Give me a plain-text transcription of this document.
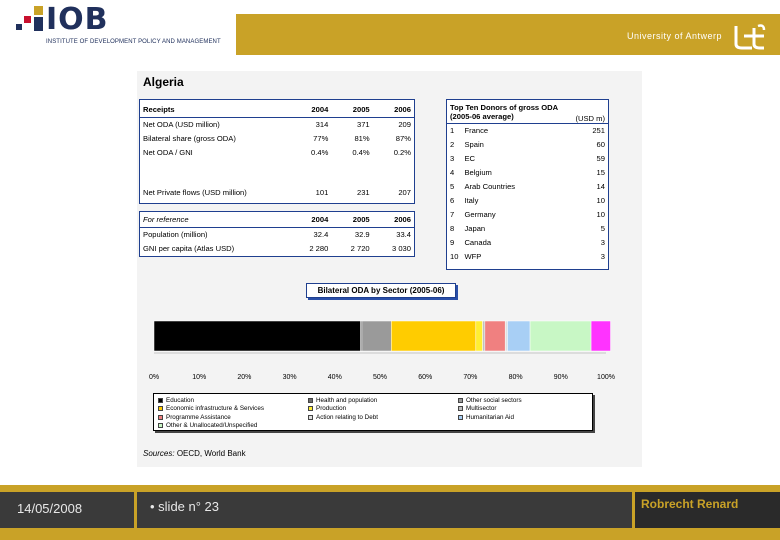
IOB
INSTITUTE OF DEVELOPMENT POLICY AND MANAGEMENT
University of Antwerp
Algeria
Receipts	2004	2005	2006
Net ODA (USD million)	314	371	209
Bilateral share (gross ODA)	77%	81%	87%
Net ODA / GNI	0.4%	0.4%	0.2%

Net Private flows (USD million)	101	231	207
For reference	2004	2005	2006
Population (million)	32.4	32.9	33.4
GNI per capita (Atlas USD)	2 280	2 720	3 030
Top Ten Donors of gross ODA (2005-06 average)		(USD m)
1	France	251
2	Spain	60
3	EC	59
4	Belgium	15
5	Arab Countries	14
6	Italy	10
7	Germany	10
8	Japan	5
9	Canada	3
10	WFP	3
Bilateral ODA by Sector (2005-06)
0%	10%	20%	30%	40%	50%	60%	70%	80%	90%	100%
Education	Health and population	Other social sectors
Economic infrastructure & Services	Production	Multisector
Programme Assistance	Action relating to Debt	Humanitarian Aid
Other & Unallocated/Unspecified
Sources: OECD, World Bank
14/05/2008	• slide n° 23	Robrecht Renard
